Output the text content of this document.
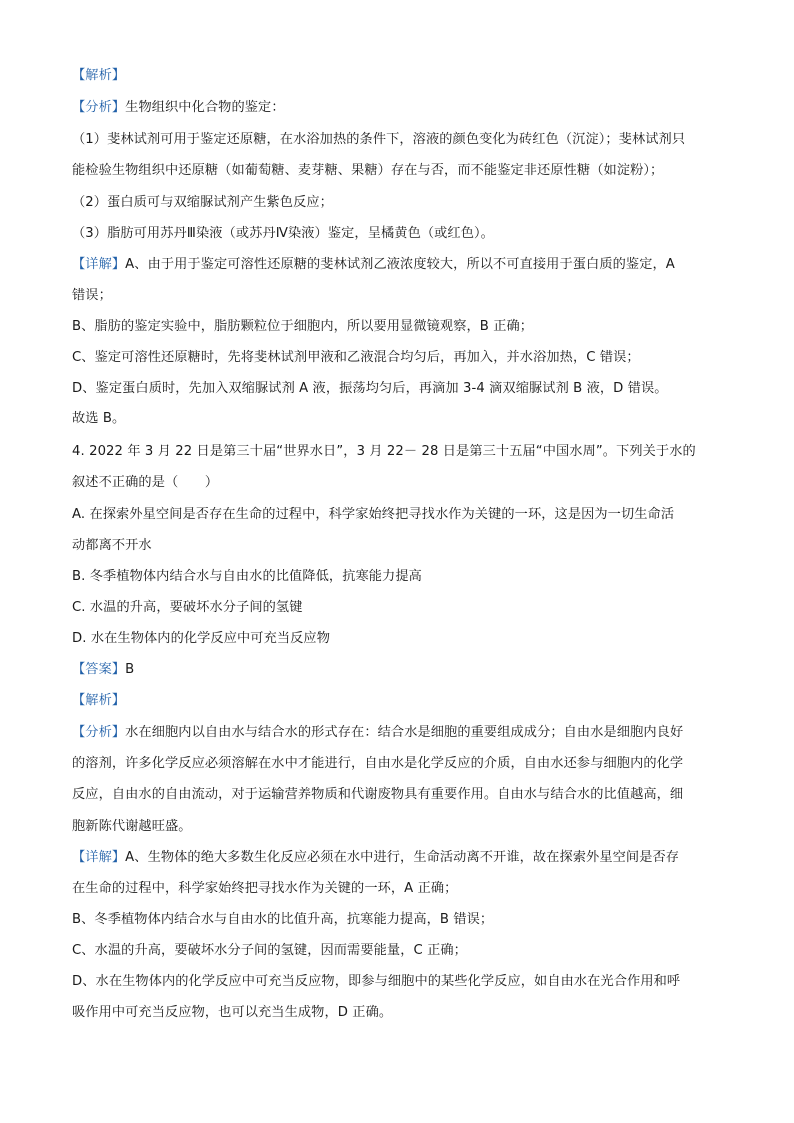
【解析】
【分析】生物组织中化合物的鉴定：
（1）斐林试剂可用于鉴定还原糖，在水浴加热的条件下，溶液的颜色变化为砖红色（沉淀）；斐林试剂只
能检验生物组织中还原糖（如葡萄糖、麦芽糖、果糖）存在与否，而不能鉴定非还原性糖（如淀粉）；
（2）蛋白质可与双缩脲试剂产生紫色反应；
（3）脂肪可用苏丹Ⅲ染液（或苏丹Ⅳ染液）鉴定，呈橘黄色（或红色）。
【详解】A、由于用于鉴定可溶性还原糖的斐林试剂乙液浓度较大，所以不可直接用于蛋白质的鉴定，A
错误；
B、脂肪的鉴定实验中，脂肪颗粒位于细胞内，所以要用显微镜观察，B 正确；
C、鉴定可溶性还原糖时，先将斐林试剂甲液和乙液混合均匀后，再加入，并水浴加热，C 错误；
D、鉴定蛋白质时，先加入双缩脲试剂 A 液，振荡均匀后，再滴加 3-4 滴双缩脲试剂 B 液，D 错误。
故选 B。
4. 2022 年 3 月 22 日是第三十届“世界水日”，3 月 22－ 28 日是第三十五届“中国水周”。下列关于水的
叙述不正确的是（　　）
A. 在探索外星空间是否存在生命的过程中，科学家始终把寻找水作为关键的一环，这是因为一切生命活
动都离不开水
B. 冬季植物体内结合水与自由水的比值降低，抗寒能力提高
C. 水温的升高，要破坏水分子间的氢键
D. 水在生物体内的化学反应中可充当反应物
【答案】B
【解析】
【分析】水在细胞内以自由水与结合水的形式存在：结合水是细胞的重要组成成分；自由水是细胞内良好
的溶剂，许多化学反应必须溶解在水中才能进行，自由水是化学反应的介质，自由水还参与细胞内的化学
反应，自由水的自由流动，对于运输营养物质和代谢废物具有重要作用。自由水与结合水的比值越高，细
胞新陈代谢越旺盛。
【详解】A、生物体的绝大多数生化反应必须在水中进行，生命活动离不开谁，故在探索外星空间是否存
在生命的过程中，科学家始终把寻找水作为关键的一环，A 正确；
B、冬季植物体内结合水与自由水的比值升高，抗寒能力提高，B 错误；
C、水温的升高，要破坏水分子间的氢键，因而需要能量，C 正确；
D、水在生物体内的化学反应中可充当反应物，即参与细胞中的某些化学反应，如自由水在光合作用和呼
吸作用中可充当反应物，也可以充当生成物，D 正确。
